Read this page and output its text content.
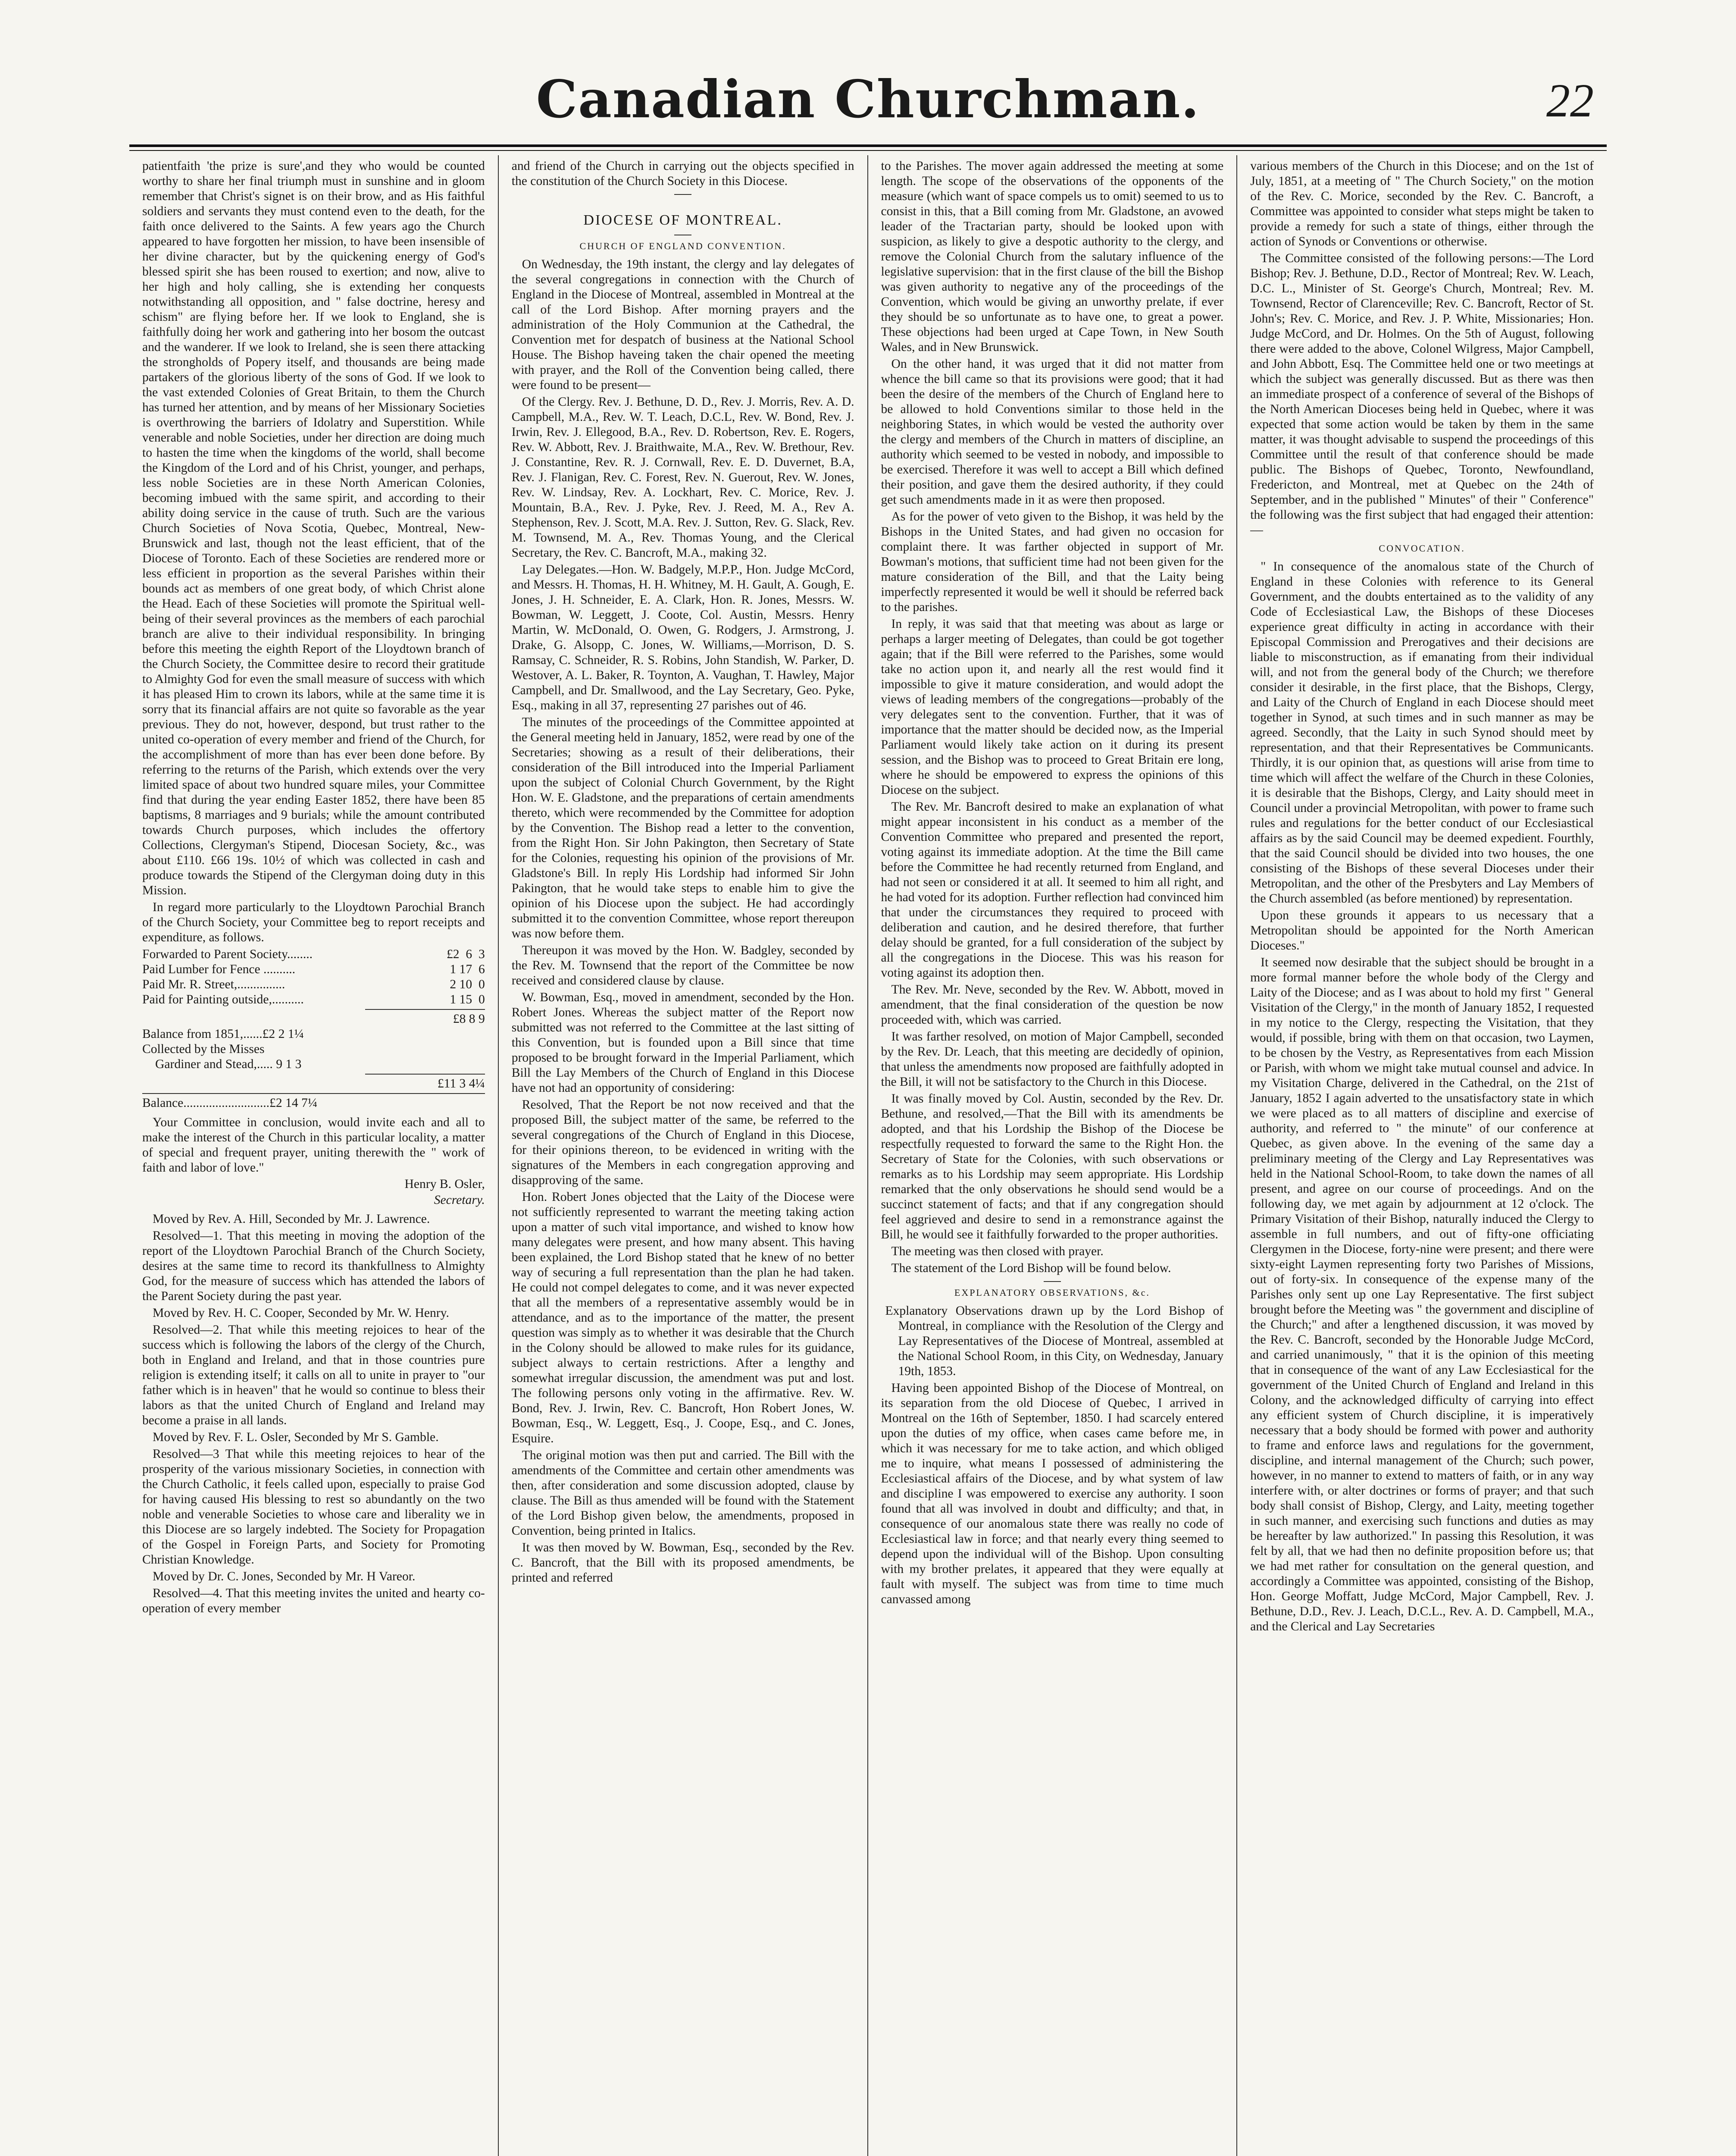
Canadian Churchman.	22

patientfaith 'the prize is sure',and they who would be counted worthy to share her final triumph must in sunshine and in gloom remember that Christ's signet is on their brow, and as His faithful soldiers and servants they must contend even to the death, for the faith once delivered to the Saints. A few years ago the Church appeared to have forgotten her mission, to have been insensible of her divine character, but by the quickening energy of God's blessed spirit she has been roused to exertion; and now, alive to her high and holy calling, she is extending her conquests notwithstanding all opposition, and " false doctrine, heresy and schism" are flying before her. If we look to England, she is faithfully doing her work and gathering into her bosom the outcast and the wanderer. If we look to Ireland, she is seen there attacking the strongholds of Popery itself, and thousands are being made partakers of the glorious liberty of the sons of God. If we look to the vast extended Colonies of Great Britain, to them the Church has turned her attention, and by means of her Missionary Societies is overthrowing the barriers of Idolatry and Superstition. While venerable and noble Societies, under her direction are doing much to hasten the time when the kingdoms of the world, shall become the Kingdom of the Lord and of his Christ, younger, and perhaps, less noble Societies are in these North American Colonies, becoming imbued with the same spirit, and according to their ability doing service in the cause of truth. Such are the various Church Societies of Nova Scotia, Quebec, Montreal, New-Brunswick and last, though not the least efficient, that of the Diocese of Toronto. Each of these Societies are rendered more or less efficient in proportion as the several Parishes within their bounds act as members of one great body, of which Christ alone the Head. Each of these Societies will promote the Spiritual well-being of their several provinces as the members of each parochial branch are alive to their individual responsibility. In bringing before this meeting the eighth Report of the Lloydtown branch of the Church Society, the Committee desire to record their gratitude to Almighty God for even the small measure of success with which it has pleased Him to crown its labors, while at the same time it is sorry that its financial affairs are not quite so favorable as the year previous. They do not, however, despond, but trust rather to the united co-operation of every member and friend of the Church, for the accomplishment of more than has ever been done before. By referring to the returns of the Parish, which extends over the very limited space of about two hundred square miles, your Committee find that during the year ending Easter 1852, there have been 85 baptisms, 8 marriages and 9 burials; while the amount contributed towards Church purposes, which includes the offertory Collections, Clergyman's Stipend, Diocesan Society, &c., was about £110. £66 19s. 10½ of which was collected in cash and produce towards the Stipend of the Clergyman doing duty in this Mission.

In regard more particularly to the Lloydtown Parochial Branch of the Church Society, your Committee beg to report receipts and expenditure, as follows.

Forwarded to Parent Society........	£2  6  3
Paid Lumber for Fence ..........	1 17  6
Paid Mr. R. Street,...............	2 10  0
Paid for Painting outside,..........	1 15  0
£8 8 9
Balance from 1851,......£2 2 1¼
Collected by the Misses
Gardiner and Stead,..... 9 1 3
£11 3 4¼
Balance...........................£2 14 7¼

Your Committee in conclusion, would invite each and all to make the interest of the Church in this particular locality, a matter of special and frequent prayer, uniting therewith the " work of faith and labor of love."

Henry B. Osler,
Secretary.

Moved by Rev. A. Hill, Seconded by Mr. J. Lawrence.

Resolved—1. That this meeting in moving the adoption of the report of the Lloydtown Parochial Branch of the Church Society, desires at the same time to record its thankfullness to Almighty God, for the measure of success which has attended the labors of the Parent Society during the past year.

Moved by Rev. H. C. Cooper, Seconded by Mr. W. Henry.

Resolved—2. That while this meeting rejoices to hear of the success which is following the labors of the clergy of the Church, both in England and Ireland, and that in those countries pure religion is extending itself; it calls on all to unite in prayer to "our father which is in heaven" that he would so continue to bless their labors as that the united Church of England and Ireland may become a praise in all lands.

Moved by Rev. F. L. Osler, Seconded by Mr S. Gamble.

Resolved—3 That while this meeting rejoices to hear of the prosperity of the various missionary Societies, in connection with the Church Catholic, it feels called upon, especially to praise God for having caused His blessing to rest so abundantly on the two noble and venerable Societies to whose care and liberality we in this Diocese are so largely indebted. The Society for Propagation of the Gospel in Foreign Parts, and Society for Promoting Christian Knowledge.

Moved by Dr. C. Jones, Seconded by Mr. H Vareor.

Resolved—4. That this meeting invites the united and hearty co-operation of every member

and friend of the Church in carrying out the objects specified in the constitution of the Church Society in this Diocese.

DIOCESE OF MONTREAL.
CHURCH OF ENGLAND CONVENTION.

On Wednesday, the 19th instant, the clergy and lay delegates of the several congregations in connection with the Church of England in the Diocese of Montreal, assembled in Montreal at the call of the Lord Bishop. After morning prayers and the administration of the Holy Communion at the Cathedral, the Convention met for despatch of business at the National School House. The Bishop haveing taken the chair opened the meeting with prayer, and the Roll of the Convention being called, there were found to be present—

Of the Clergy. Rev. J. Bethune, D. D., Rev. J. Morris, Rev. A. D. Campbell, M.A., Rev. W. T. Leach, D.C.L, Rev. W. Bond, Rev. J. Irwin, Rev. J. Ellegood, B.A., Rev. D. Robertson, Rev. E. Rogers, Rev. W. Abbott, Rev. J. Braithwaite, M.A., Rev. W. Brethour, Rev. J. Constantine, Rev. R. J. Cornwall, Rev. E. D. Duvernet, B.A, Rev. J. Flanigan, Rev. C. Forest, Rev. N. Guerout, Rev. W. Jones, Rev. W. Lindsay, Rev. A. Lockhart, Rev. C. Morice, Rev. J. Mountain, B.A., Rev. J. Pyke, Rev. J. Reed, M. A., Rev A. Stephenson, Rev. J. Scott, M.A. Rev. J. Sutton, Rev. G. Slack, Rev. M. Townsend, M. A., Rev. Thomas Young, and the Clerical Secretary, the Rev. C. Bancroft, M.A., making 32.

Lay Delegates.—Hon. W. Badgely, M.P.P., Hon. Judge McCord, and Messrs. H. Thomas, H. H. Whitney, M. H. Gault, A. Gough, E. Jones, J. H. Schneider, E. A. Clark, Hon. R. Jones, Messrs. W. Bowman, W. Leggett, J. Coote, Col. Austin, Messrs. Henry Martin, W. McDonald, O. Owen, G. Rodgers, J. Armstrong, J. Drake, G. Alsopp, C. Jones, W. Williams,—Morrison, D. S. Ramsay, C. Schneider, R. S. Robins, John Standish, W. Parker, D. Westover, A. L. Baker, R. Toynton, A. Vaughan, T. Hawley, Major Campbell, and Dr. Smallwood, and the Lay Secretary, Geo. Pyke, Esq., making in all 37, representing 27 parishes out of 46.

The minutes of the proceedings of the Committee appointed at the General meeting held in January, 1852, were read by one of the Secretaries; showing as a result of their deliberations, their consideration of the Bill introduced into the Imperial Parliament upon the subject of Colonial Church Government, by the Right Hon. W. E. Gladstone, and the preparations of certain amendments thereto, which were recommended by the Committee for adoption by the Convention. The Bishop read a letter to the convention, from the Right Hon. Sir John Pakington, then Secretary of State for the Colonies, requesting his opinion of the provisions of Mr. Gladstone's Bill. In reply His Lordship had informed Sir John Pakington, that he would take steps to enable him to give the opinion of his Diocese upon the subject. He had accordingly submitted it to the convention Committee, whose report thereupon was now before them.

Thereupon it was moved by the Hon. W. Badgley, seconded by the Rev. M. Townsend that the report of the Committee be now received and considered clause by clause.

W. Bowman, Esq., moved in amendment, seconded by the Hon. Robert Jones. Whereas the subject matter of the Report now submitted was not referred to the Committee at the last sitting of this Convention, but is founded upon a Bill since that time proposed to be brought forward in the Imperial Parliament, which Bill the Lay Members of the Church of England in this Diocese have not had an opportunity of considering:

Resolved, That the Report be not now received and that the proposed Bill, the subject matter of the same, be referred to the several congregations of the Church of England in this Diocese, for their opinions thereon, to be evidenced in writing with the signatures of the Members in each congregation approving and disapproving of the same.

Hon. Robert Jones objected that the Laity of the Diocese were not sufficiently represented to warrant the meeting taking action upon a matter of such vital importance, and wished to know how many delegates were present, and how many absent. This having been explained, the Lord Bishop stated that he knew of no better way of securing a full representation than the plan he had taken. He could not compel delegates to come, and it was never expected that all the members of a representative assembly would be in attendance, and as to the importance of the matter, the present question was simply as to whether it was desirable that the Church in the Colony should be allowed to make rules for its guidance, subject always to certain restrictions. After a lengthy and somewhat irregular discussion, the amendment was put and lost. The following persons only voting in the affirmative. Rev. W. Bond, Rev. J. Irwin, Rev. C. Bancroft, Hon Robert Jones, W. Bowman, Esq., W. Leggett, Esq., J. Coope, Esq., and C. Jones, Esquire.

The original motion was then put and carried. The Bill with the amendments of the Committee and certain other amendments was then, after consideration and some discussion adopted, clause by clause. The Bill as thus amended will be found with the Statement of the Lord Bishop given below, the amendments, proposed in Convention, being printed in Italics.

It was then moved by W. Bowman, Esq., seconded by the Rev. C. Bancroft, that the Bill with its proposed amendments, be printed and referred

to the Parishes. The mover again addressed the meeting at some length. The scope of the observations of the opponents of the measure (which want of space compels us to omit) seemed to us to consist in this, that a Bill coming from Mr. Gladstone, an avowed leader of the Tractarian party, should be looked upon with suspicion, as likely to give a despotic authority to the clergy, and remove the Colonial Church from the salutary influence of the legislative supervision: that in the first clause of the bill the Bishop was given authority to negative any of the proceedings of the Convention, which would be giving an unworthy prelate, if ever they should be so unfortunate as to have one, to great a power. These objections had been urged at Cape Town, in New South Wales, and in New Brunswick.

On the other hand, it was urged that it did not matter from whence the bill came so that its provisions were good; that it had been the desire of the members of the Church of England here to be allowed to hold Conventions similar to those held in the neighboring States, in which would be vested the authority over the clergy and members of the Church in matters of discipline, an authority which seemed to be vested in nobody, and impossible to be exercised. Therefore it was well to accept a Bill which defined their position, and gave them the desired authority, if they could get such amendments made in it as were then proposed.

As for the power of veto given to the Bishop, it was held by the Bishops in the United States, and had given no occasion for complaint there. It was farther objected in support of Mr. Bowman's motions, that sufficient time had not been given for the mature consideration of the Bill, and that the Laity being imperfectly represented it would be well it should be referred back to the parishes.

In reply, it was said that that meeting was about as large or perhaps a larger meeting of Delegates, than could be got together again; that if the Bill were referred to the Parishes, some would take no action upon it, and nearly all the rest would find it impossible to give it mature consideration, and would adopt the views of leading members of the congregations—probably of the very delegates sent to the convention. Further, that it was of importance that the matter should be decided now, as the Imperial Parliament would likely take action on it during its present session, and the Bishop was to proceed to Great Britain ere long, where he should be empowered to express the opinions of this Diocese on the subject.

The Rev. Mr. Bancroft desired to make an explanation of what might appear inconsistent in his conduct as a member of the Convention Committee who prepared and presented the report, voting against its immediate adoption. At the time the Bill came before the Committee he had recently returned from England, and had not seen or considered it at all. It seemed to him all right, and he had voted for its adoption. Further reflection had convinced him that under the circumstances they required to proceed with deliberation and caution, and he desired therefore, that further delay should be granted, for a full consideration of the subject by all the congregations in the Diocese. This was his reason for voting against its adoption then.

The Rev. Mr. Neve, seconded by the Rev. W. Abbott, moved in amendment, that the final consideration of the question be now proceeded with, which was carried.

It was farther resolved, on motion of Major Campbell, seconded by the Rev. Dr. Leach, that this meeting are decidedly of opinion, that unless the amendments now proposed are faithfully adopted in the Bill, it will not be satisfactory to the Church in this Diocese.

It was finally moved by Col. Austin, seconded by the Rev. Dr. Bethune, and resolved,—That the Bill with its amendments be adopted, and that his Lordship the Bishop of the Diocese be respectfully requested to forward the same to the Right Hon. the Secretary of State for the Colonies, with such observations or remarks as to his Lordship may seem appropriate. His Lordship remarked that the only observations he should send would be a succinct statement of facts; and that if any congregation should feel aggrieved and desire to send in a remonstrance against the Bill, he would see it faithfully forwarded to the proper authorities.

The meeting was then closed with prayer.

The statement of the Lord Bishop will be found below.

EXPLANATORY OBSERVATIONS, &c.

Explanatory Observations drawn up by the Lord Bishop of Montreal, in compliance with the Resolution of the Clergy and Lay Representatives of the Diocese of Montreal, assembled at the National School Room, in this City, on Wednesday, January 19th, 1853.

Having been appointed Bishop of the Diocese of Montreal, on its separation from the old Diocese of Quebec, I arrived in Montreal on the 16th of September, 1850. I had scarcely entered upon the duties of my office, when cases came before me, in which it was necessary for me to take action, and which obliged me to inquire, what means I possessed of administering the Ecclesiastical affairs of the Diocese, and by what system of law and discipline I was empowered to exercise any authority. I soon found that all was involved in doubt and difficulty; and that, in consequence of our anomalous state there was really no code of Ecclesiastical law in force; and that nearly every thing seemed to depend upon the individual will of the Bishop. Upon consulting with my brother prelates, it appeared that they were equally at fault with myself. The subject was from time to time much canvassed among

various members of the Church in this Diocese; and on the 1st of July, 1851, at a meeting of " The Church Society," on the motion of the Rev. C. Morice, seconded by the Rev. C. Bancroft, a Committee was appointed to consider what steps might be taken to provide a remedy for such a state of things, either through the action of Synods or Conventions or otherwise.

The Committee consisted of the following persons:—The Lord Bishop; Rev. J. Bethune, D.D., Rector of Montreal; Rev. W. Leach, D.C. L., Minister of St. George's Church, Montreal; Rev. M. Townsend, Rector of Clarenceville; Rev. C. Bancroft, Rector of St. John's; Rev. C. Morice, and Rev. J. P. White, Missionaries; Hon. Judge McCord, and Dr. Holmes. On the 5th of August, following there were added to the above, Colonel Wilgress, Major Campbell, and John Abbott, Esq. The Committee held one or two meetings at which the subject was generally discussed. But as there was then an immediate prospect of a conference of several of the Bishops of the North American Dioceses being held in Quebec, where it was expected that some action would be taken by them in the same matter, it was thought advisable to suspend the proceedings of this Committee until the result of that conference should be made public. The Bishops of Quebec, Toronto, Newfoundland, Fredericton, and Montreal, met at Quebec on the 24th of September, and in the published " Minutes" of their " Conference" the following was the first subject that had engaged their attention:—

CONVOCATION.

" In consequence of the anomalous state of the Church of England in these Colonies with reference to its General Government, and the doubts entertained as to the validity of any Code of Ecclesiastical Law, the Bishops of these Dioceses experience great difficulty in acting in accordance with their Episcopal Commission and Prerogatives and their decisions are liable to misconstruction, as if emanating from their individual will, and not from the general body of the Church; we therefore consider it desirable, in the first place, that the Bishops, Clergy, and Laity of the Church of England in each Diocese should meet together in Synod, at such times and in such manner as may be agreed. Secondly, that the Laity in such Synod should meet by representation, and that their Representatives be Communicants. Thirdly, it is our opinion that, as questions will arise from time to time which will affect the welfare of the Church in these Colonies, it is desirable that the Bishops, Clergy, and Laity should meet in Council under a provincial Metropolitan, with power to frame such rules and regulations for the better conduct of our Ecclesiastical affairs as by the said Council may be deemed expedient. Fourthly, that the said Council should be divided into two houses, the one consisting of the Bishops of these several Dioceses under their Metropolitan, and the other of the Presbyters and Lay Members of the Church assembled (as before mentioned) by representation.

Upon these grounds it appears to us necessary that a Metropolitan should be appointed for the North American Dioceses."

It seemed now desirable that the subject should be brought in a more formal manner before the whole body of the Clergy and Laity of the Diocese; and as I was about to hold my first " General Visitation of the Clergy," in the month of January 1852, I requested in my notice to the Clergy, respecting the Visitation, that they would, if possible, bring with them on that occasion, two Laymen, to be chosen by the Vestry, as Representatives from each Mission or Parish, with whom we might take mutual counsel and advice. In my Visitation Charge, delivered in the Cathedral, on the 21st of January, 1852 I again adverted to the unsatisfactory state in which we were placed as to all matters of discipline and exercise of authority, and referred to " the minute" of our conference at Quebec, as given above. In the evening of the same day a preliminary meeting of the Clergy and Lay Representatives was held in the National School-Room, to take down the names of all present, and agree on our course of proceedings. And on the following day, we met again by adjournment at 12 o'clock. The Primary Visitation of their Bishop, naturally induced the Clergy to assemble in full numbers, and out of fifty-one officiating Clergymen in the Diocese, forty-nine were present; and there were sixty-eight Laymen representing forty two Parishes of Missions, out of forty-six. In consequence of the expense many of the Parishes only sent up one Lay Representative. The first subject brought before the Meeting was " the government and discipline of the Church;" and after a lengthened discussion, it was moved by the Rev. C. Bancroft, seconded by the Honorable Judge McCord, and carried unanimously, " that it is the opinion of this meeting that in consequence of the want of any Law Ecclesiastical for the government of the United Church of England and Ireland in this Colony, and the acknowledged difficulty of carrying into effect any efficient system of Church discipline, it is imperatively necessary that a body should be formed with power and authority to frame and enforce laws and regulations for the government, discipline, and internal management of the Church; such power, however, in no manner to extend to matters of faith, or in any way interfere with, or alter doctrines or forms of prayer; and that such body shall consist of Bishop, Clergy, and Laity, meeting together in such manner, and exercising such functions and duties as may be hereafter by law authorized." In passing this Resolution, it was felt by all, that we had then no definite proposition before us; that we had met rather for consultation on the general question, and accordingly a Committee was appointed, consisting of the Bishop, Hon. George Moffatt, Judge McCord, Major Campbell, Rev. J. Bethune, D.D., Rev. J. Leach, D.C.L., Rev. A. D. Campbell, M.A., and the Clerical and Lay Secretaries
